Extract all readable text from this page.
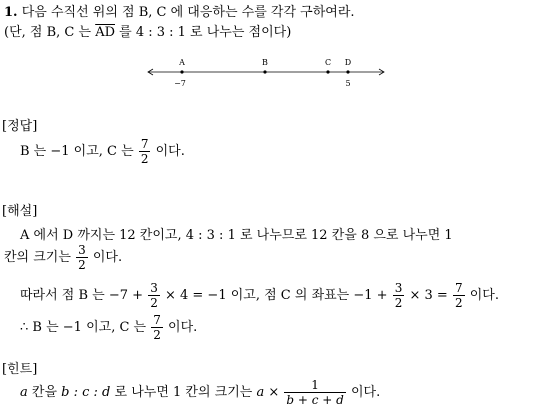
1. 다음 수직선 위의 점 B, C 에 대응하는 수를 각각 구하여라.
(단, 점 B, C 는 $\overline{AD}$ 를 4 : 3 : 1 로 나누는 점이다)
A	B	C D
−7	5
[정답]
B 는 −1 이고, C 는 $\frac{7}{2}$ 이다.
[해설]
A 에서 D 까지는 12 칸이고, 4 : 3 : 1 로 나누므로 12 칸을 8 으로 나누면 1
칸의 크기는 $\frac{3}{2}$ 이다.
따라서 점 B 는 $-7 + \frac{3}{2} \times 4 = -1$ 이고, 점 C 의 좌표는 $-1 + \frac{3}{2} \times 3 = \frac{7}{2}$ 이다.
∴ B 는 −1 이고, C 는 $\frac{7}{2}$ 이다.
[힌트]
a 칸을 b : c : d 로 나누면 1 칸의 크기는 $a \times \frac{1}{b + c + d}$ 이다.
